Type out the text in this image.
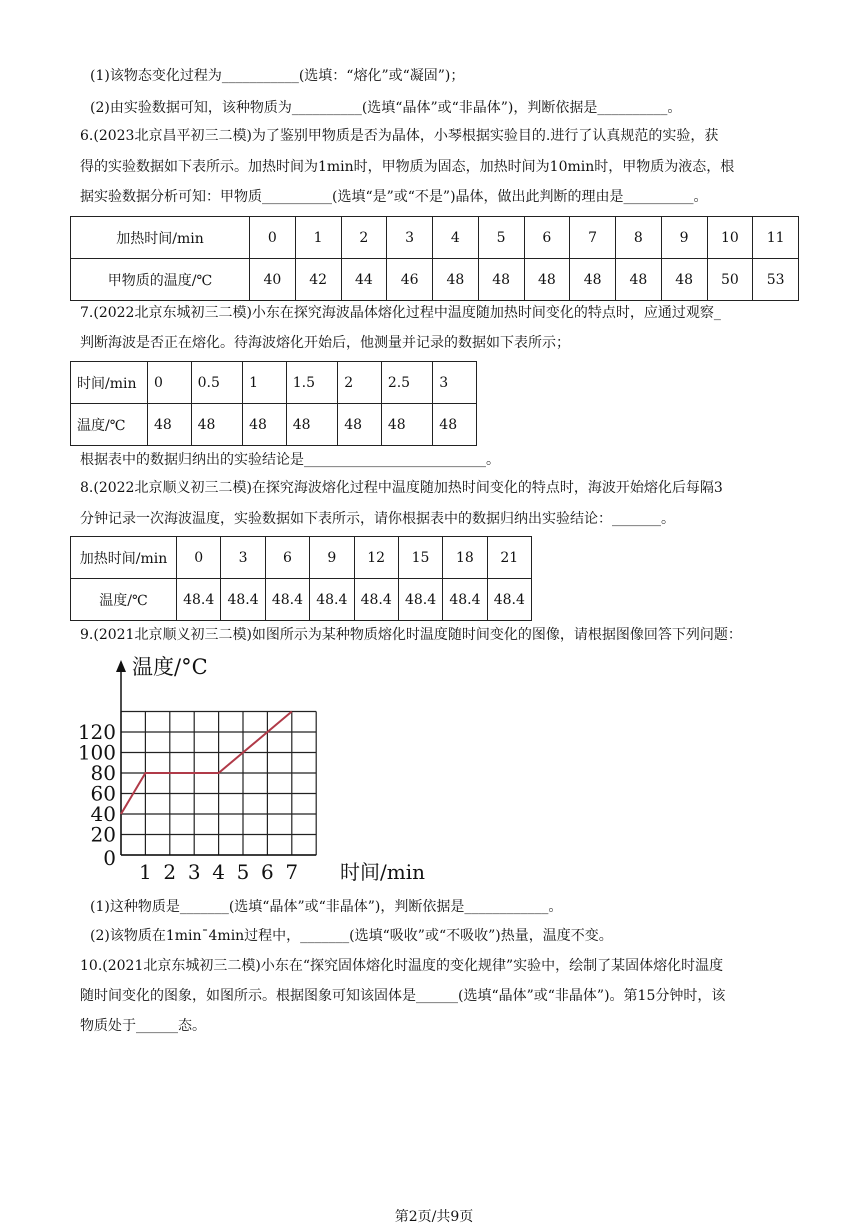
(1)该物态变化过程为___________(选填：“熔化”或“凝固”)；
(2)由实验数据可知，该种物质为__________(选填“晶体”或“非晶体”)，判断依据是__________。
6.(2023北京昌平初三二模)为了鉴别甲物质是否为晶体，小琴根据实验目的.进行了认真规范的实验，获
得的实验数据如下表所示。加热时间为1min时，甲物质为固态，加热时间为10min时，甲物质为液态，根
据实验数据分析可知：甲物质__________(选填“是”或“不是”)晶体，做出此判断的理由是__________。
加热时间/min	0	1	2	3	4	5	6	7	8	9	10	11
甲物质的温度/℃	40	42	44	46	48	48	48	48	48	48	50	53
7.(2022北京东城初三二模)小东在探究海波晶体熔化过程中温度随加热时间变化的特点时，应通过观察_
判断海波是否正在熔化。待海波熔化开始后，他测量并记录的数据如下表所示；
时间/min	0	0.5	1	1.5	2	2.5	3
温度/℃	48	48	48	48	48	48	48
根据表中的数据归纳出的实验结论是__________________________。
8.(2022北京顺义初三二模)在探究海波熔化过程中温度随加热时间变化的特点时，海波开始熔化后每隔3
分钟记录一次海波温度，实验数据如下表所示，请你根据表中的数据归纳出实验结论：_______。
加热时间/min	0	3	6	9	12	15	18	21
温度/℃	48.4	48.4	48.4	48.4	48.4	48.4	48.4	48.4
9.(2021北京顺义初三二模)如图所示为某种物质熔化时温度随时间变化的图像，请根据图像回答下列问题：
1 2 3 4 5 6 7
0
20
40
60
80
100
120
温度/°C
时间/min
(1)这种物质是_______(选填“晶体”或“非晶体”)，判断依据是____________。
(2)该物质在1minˉ4min过程中，_______(选填“吸收”或“不吸收”)热量，温度不变。
10.(2021北京东城初三二模)小东在“探究固体熔化时温度的变化规律”实验中，绘制了某固体熔化时温度
随时间变化的图象，如图所示。根据图象可知该固体是______(选填“晶体”或“非晶体”)。第15分钟时，该
物质处于______态。
第2页/共9页
